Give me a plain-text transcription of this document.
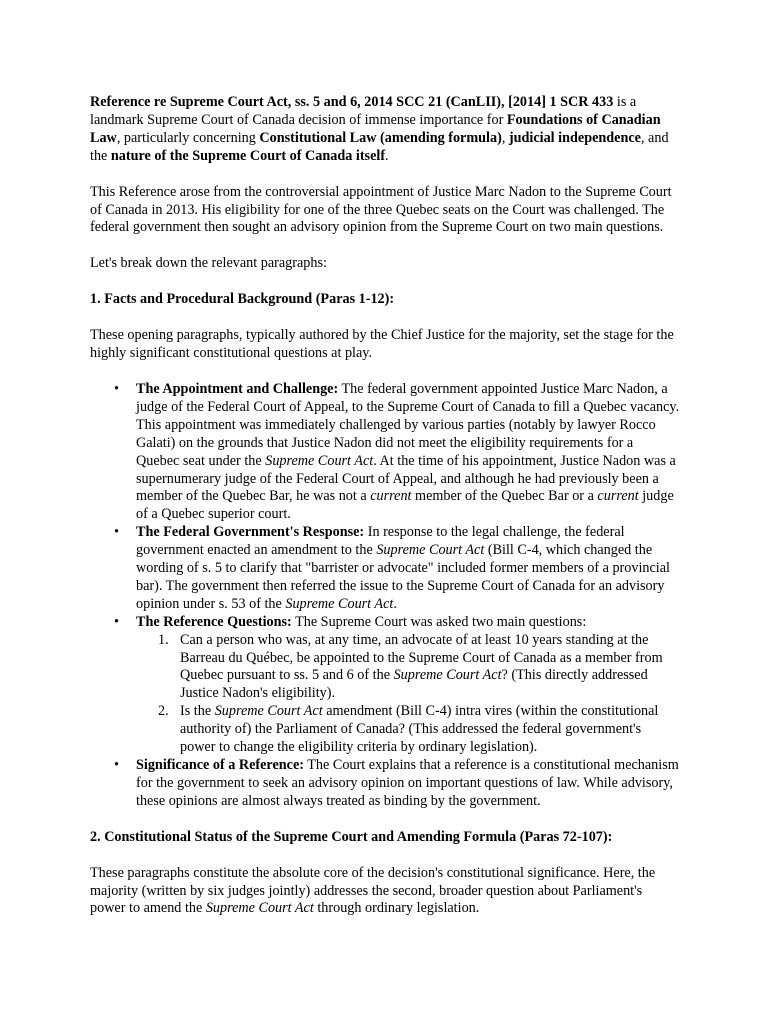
Reference re Supreme Court Act, ss. 5 and 6, 2014 SCC 21 (CanLII), [2014] 1 SCR 433 is a landmark Supreme Court of Canada decision of immense importance for Foundations of Canadian Law, particularly concerning Constitutional Law (amending formula), judicial independence, and the nature of the Supreme Court of Canada itself.

This Reference arose from the controversial appointment of Justice Marc Nadon to the Supreme Court of Canada in 2013. His eligibility for one of the three Quebec seats on the Court was challenged. The federal government then sought an advisory opinion from the Supreme Court on two main questions.

Let's break down the relevant paragraphs:

1. Facts and Procedural Background (Paras 1-12):

These opening paragraphs, typically authored by the Chief Justice for the majority, set the stage for the highly significant constitutional questions at play.

• The Appointment and Challenge: The federal government appointed Justice Marc Nadon, a judge of the Federal Court of Appeal, to the Supreme Court of Canada to fill a Quebec vacancy. This appointment was immediately challenged by various parties (notably by lawyer Rocco Galati) on the grounds that Justice Nadon did not meet the eligibility requirements for a Quebec seat under the Supreme Court Act. At the time of his appointment, Justice Nadon was a supernumerary judge of the Federal Court of Appeal, and although he had previously been a member of the Quebec Bar, he was not a current member of the Quebec Bar or a current judge of a Quebec superior court.
• The Federal Government's Response: In response to the legal challenge, the federal government enacted an amendment to the Supreme Court Act (Bill C-4, which changed the wording of s. 5 to clarify that "barrister or advocate" included former members of a provincial bar). The government then referred the issue to the Supreme Court of Canada for an advisory opinion under s. 53 of the Supreme Court Act.
• The Reference Questions: The Supreme Court was asked two main questions:
1. Can a person who was, at any time, an advocate of at least 10 years standing at the Barreau du Québec, be appointed to the Supreme Court of Canada as a member from Quebec pursuant to ss. 5 and 6 of the Supreme Court Act? (This directly addressed Justice Nadon's eligibility).
2. Is the Supreme Court Act amendment (Bill C-4) intra vires (within the constitutional authority of) the Parliament of Canada? (This addressed the federal government's power to change the eligibility criteria by ordinary legislation).
• Significance of a Reference: The Court explains that a reference is a constitutional mechanism for the government to seek an advisory opinion on important questions of law. While advisory, these opinions are almost always treated as binding by the government.

2. Constitutional Status of the Supreme Court and Amending Formula (Paras 72-107):

These paragraphs constitute the absolute core of the decision's constitutional significance. Here, the majority (written by six judges jointly) addresses the second, broader question about Parliament's power to amend the Supreme Court Act through ordinary legislation.
